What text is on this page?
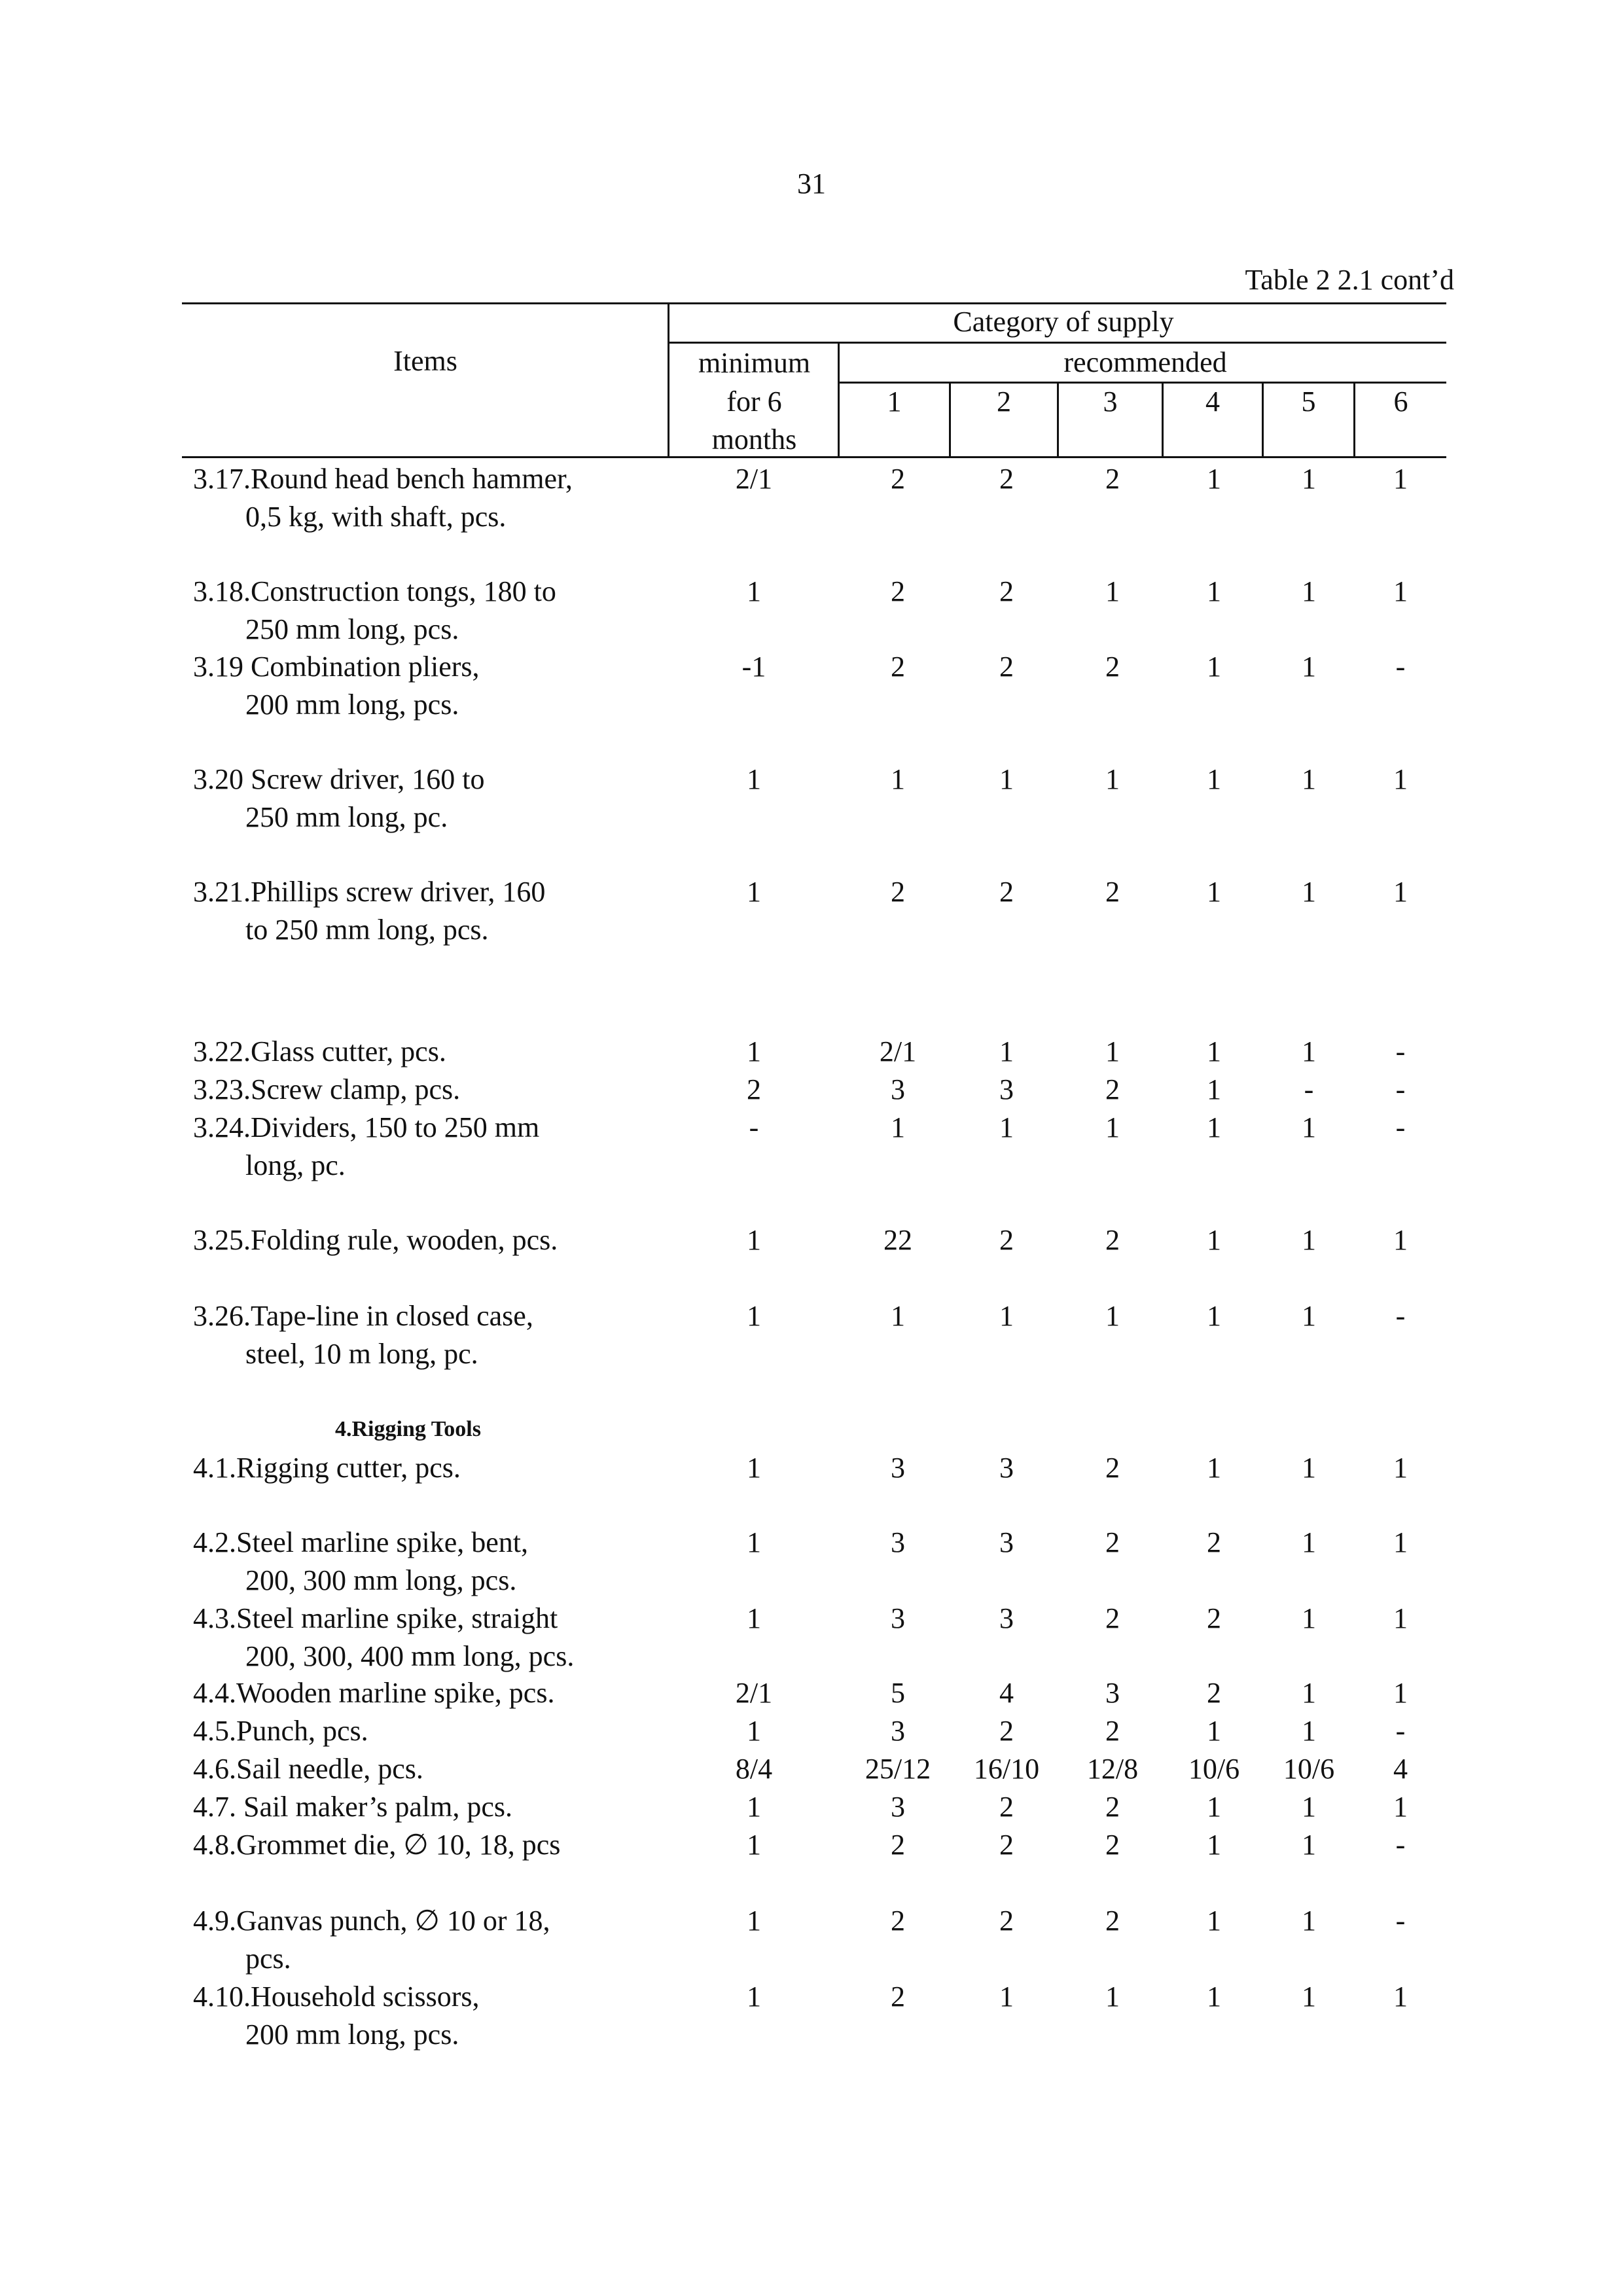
31
Table 2 2.1 cont’d
Items
Category of supply
minimum
for 6
months
recommended
1	2	3	4	5	6
3.17.Round head bench hammer,
0,5 kg, with shaft, pcs.
2/1	2	2	2	1	1	1
3.18.Construction tongs, 180 to
250 mm long, pcs.
1	2	2	1	1	1	1
3.19 Combination pliers,
200 mm long, pcs.
-1	2	2	2	1	1	-
3.20 Screw driver, 160 to
250 mm long, pc.
1	1	1	1	1	1	1
3.21.Phillips screw driver, 160
to 250 mm long, pcs.
1	2	2	2	1	1	1
3.22.Glass cutter, pcs.	1	2/1	1	1	1	1	-
3.23.Screw clamp, pcs.	2	3	3	2	1	-	-
3.24.Dividers, 150 to 250 mm
long, pc.
-	1	1	1	1	1	-
3.25.Folding rule, wooden, pcs.	1	22	2	2	1	1	1
3.26.Tape-line in closed case,
steel, 10 m long, pc.
1	1	1	1	1	1	-
4.Rigging Tools
4.1.Rigging cutter, pcs.	1	3	3	2	1	1	1
4.2.Steel marline spike, bent,
200, 300 mm long, pcs.
1	3	3	2	2	1	1
4.3.Steel marline spike, straight
200, 300, 400 mm long, pcs.
1	3	3	2	2	1	1
4.4.Wooden marline spike, pcs.	2/1	5	4	3	2	1	1
4.5.Punch, pcs.	1	3	2	2	1	1	-
4.6.Sail needle, pcs.	8/4	25/12	16/10	12/8	10/6	10/6	4
4.7. Sail maker’s palm, pcs.	1	3	2	2	1	1	1
4.8.Grommet die, ∅ 10, 18, pcs	1	2	2	2	1	1	-
4.9.Ganvas punch, ∅ 10 or 18,
pcs.
1	2	2	2	1	1	-
4.10.Household scissors,
200 mm long, pcs.
1	2	1	1	1	1	1
